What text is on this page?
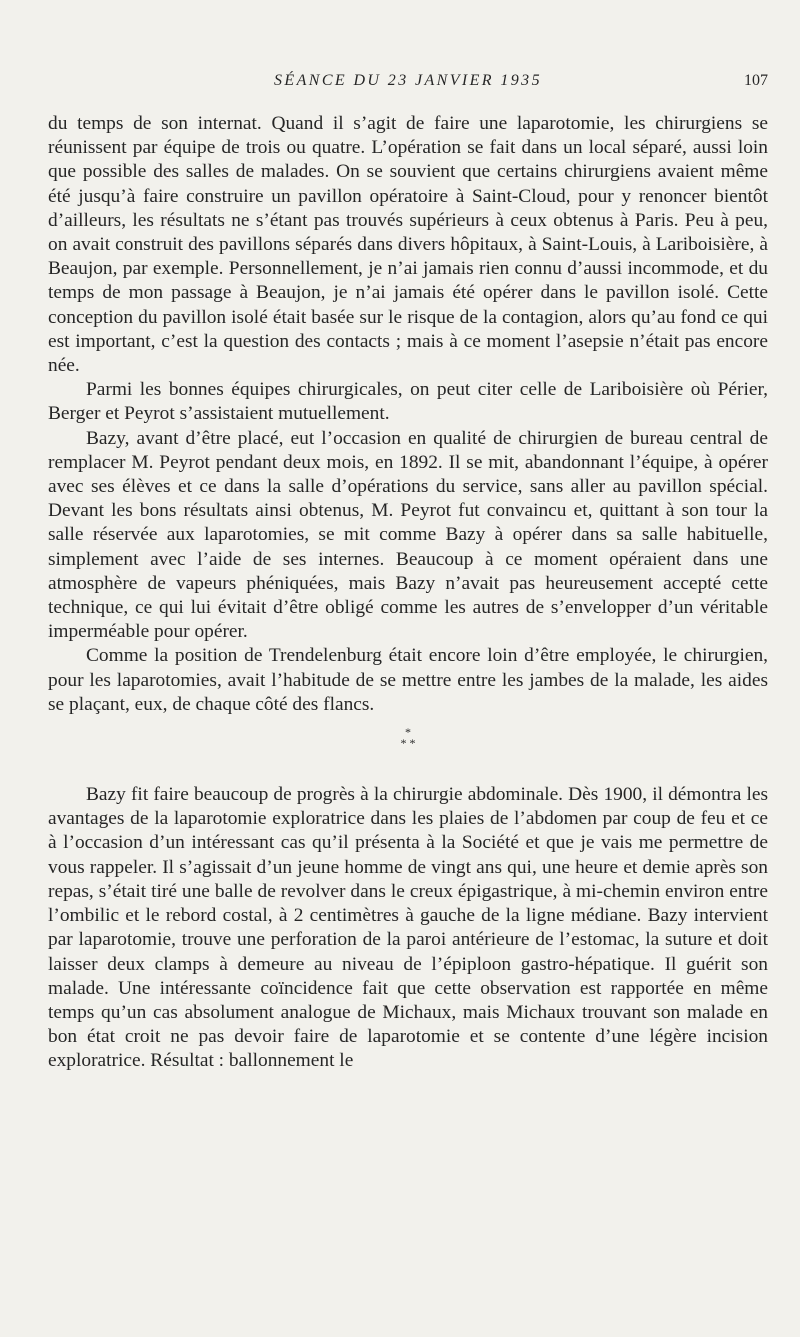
SÉANCE DU 23 JANVIER 1935	107

du temps de son internat. Quand il s’agit de faire une laparotomie, les chirurgiens se réunissent par équipe de trois ou quatre. L’opération se fait dans un local séparé, aussi loin que possible des salles de malades. On se souvient que certains chirurgiens avaient même été jusqu’à faire construire un pavillon opératoire à Saint-Cloud, pour y renoncer bientôt d’ailleurs, les résultats ne s’étant pas trouvés supérieurs à ceux obtenus à Paris. Peu à peu, on avait construit des pavillons séparés dans divers hôpitaux, à Saint-Louis, à Lariboisière, à Beaujon, par exemple. Personnellement, je n’ai jamais rien connu d’aussi incommode, et du temps de mon passage à Beaujon, je n’ai jamais été opérer dans le pavillon isolé. Cette conception du pavillon isolé était basée sur le risque de la contagion, alors qu’au fond ce qui est important, c’est la question des contacts ; mais à ce moment l’asepsie n’était pas encore née.

Parmi les bonnes équipes chirurgicales, on peut citer celle de Lariboisière où Périer, Berger et Peyrot s’assistaient mutuellement.

Bazy, avant d’être placé, eut l’occasion en qualité de chirurgien de bureau central de remplacer M. Peyrot pendant deux mois, en 1892. Il se mit, abandonnant l’équipe, à opérer avec ses élèves et ce dans la salle d’opérations du service, sans aller au pavillon spécial. Devant les bons résultats ainsi obtenus, M. Peyrot fut convaincu et, quittant à son tour la salle réservée aux laparotomies, se mit comme Bazy à opérer dans sa salle habituelle, simplement avec l’aide de ses internes. Beaucoup à ce moment opéraient dans une atmosphère de vapeurs phéniquées, mais Bazy n’avait pas heureusement accepté cette technique, ce qui lui évitait d’être obligé comme les autres de s’envelopper d’un véritable imperméable pour opérer.

Comme la position de Trendelenburg était encore loin d’être employée, le chirurgien, pour les laparotomies, avait l’habitude de se mettre entre les jambes de la malade, les aides se plaçant, eux, de chaque côté des flancs.

*
* *

Bazy fit faire beaucoup de progrès à la chirurgie abdominale. Dès 1900, il démontra les avantages de la laparotomie exploratrice dans les plaies de l’abdomen par coup de feu et ce à l’occasion d’un intéressant cas qu’il présenta à la Société et que je vais me permettre de vous rappeler. Il s’agissait d’un jeune homme de vingt ans qui, une heure et demie après son repas, s’était tiré une balle de revolver dans le creux épigastrique, à mi-chemin environ entre l’ombilic et le rebord costal, à 2 centimètres à gauche de la ligne médiane. Bazy intervient par laparotomie, trouve une perforation de la paroi antérieure de l’estomac, la suture et doit laisser deux clamps à demeure au niveau de l’épiploon gastro-hépatique. Il guérit son malade. Une intéressante coïncidence fait que cette observation est rapportée en même temps qu’un cas absolument analogue de Michaux, mais Michaux trouvant son malade en bon état croit ne pas devoir faire de laparotomie et se contente d’une légère incision exploratrice. Résultat : ballonnement le
